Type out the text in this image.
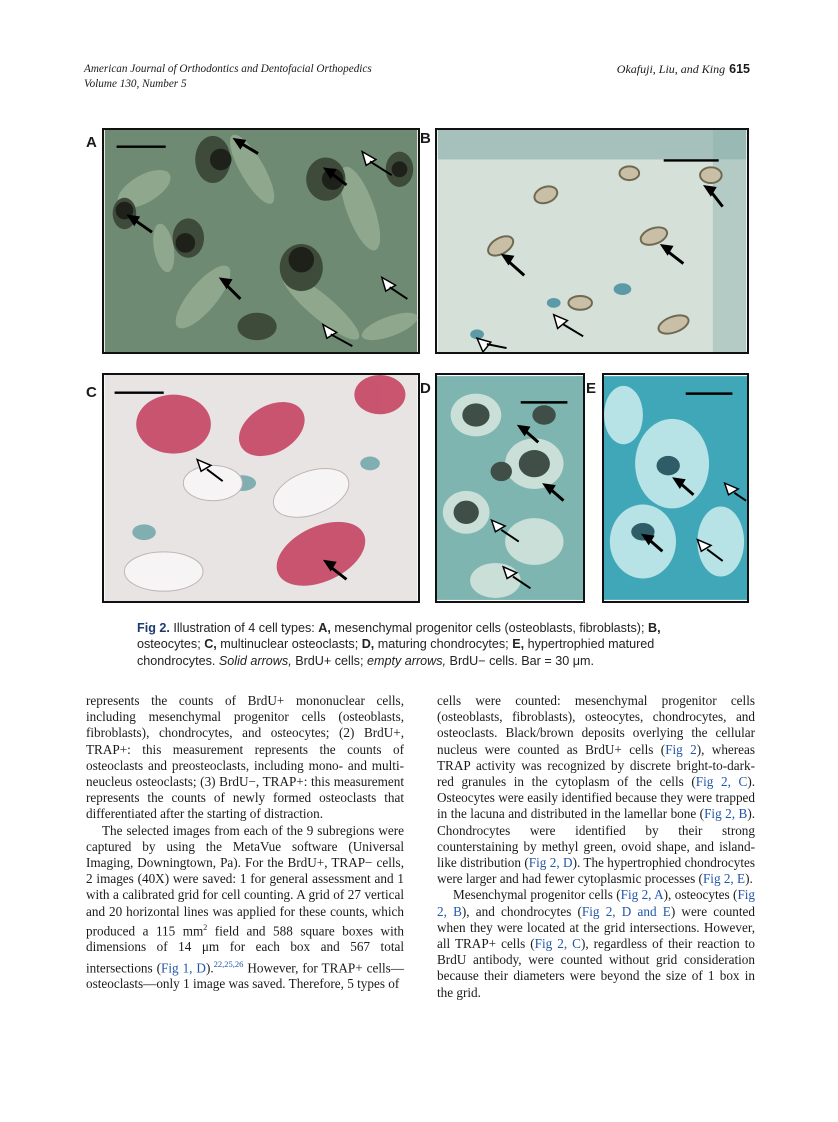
American Journal of Orthodontics and Dentofacial Orthopedics
Volume 130, Number 5
Okafuji, Liu, and King 615
A	B
C	D	E
Fig 2. Illustration of 4 cell types: A, mesenchymal progenitor cells (osteoblasts, fibroblasts); B, osteocytes; C, multinuclear osteoclasts; D, maturing chondrocytes; E, hypertrophied matured chondrocytes. Solid arrows, BrdU+ cells; empty arrows, BrdU− cells. Bar = 30 μm.

represents the counts of BrdU+ mononuclear cells, including mesenchymal progenitor cells (osteoblasts, fibroblasts), chondrocytes, and osteocytes; (2) BrdU+, TRAP+: this measurement represents the counts of osteoclasts and preosteoclasts, including mono- and multi-neucleus osteoclasts; (3) BrdU−, TRAP+: this measurement represents the counts of newly formed osteoclasts that differentiated after the starting of distraction.

The selected images from each of the 9 subregions were captured by using the MetaVue software (Universal Imaging, Downingtown, Pa). For the BrdU+, TRAP− cells, 2 images (40X) were saved: 1 for general assessment and 1 with a calibrated grid for cell counting. A grid of 27 vertical and 20 horizontal lines was applied for these counts, which produced a 115 $mm^2$ field and 588 square boxes with dimensions of 14 μm for each box and 567 total intersections (Fig 1, D).$^{22,25,26}$ However, for TRAP+ cells—osteoclasts—only 1 image was saved. Therefore, 5 types of

cells were counted: mesenchymal progenitor cells (osteoblasts, fibroblasts), osteocytes, chondrocytes, and osteoclasts. Black/brown deposits overlying the cellular nucleus were counted as BrdU+ cells (Fig 2), whereas TRAP activity was recognized by discrete bright-to-dark-red granules in the cytoplasm of the cells (Fig 2, C). Osteocytes were easily identified because they were trapped in the lacuna and distributed in the lamellar bone (Fig 2, B). Chondrocytes were identified by their strong counterstaining by methyl green, ovoid shape, and island-like distribution (Fig 2, D). The hypertrophied chondrocytes were larger and had fewer cytoplasmic processes (Fig 2, E).

Mesenchymal progenitor cells (Fig 2, A), osteocytes (Fig 2, B), and chondrocytes (Fig 2, D and E) were counted when they were located at the grid intersections. However, all TRAP+ cells (Fig 2, C), regardless of their reaction to BrdU antibody, were counted without grid consideration because their diameters were beyond the size of 1 box in the grid.
